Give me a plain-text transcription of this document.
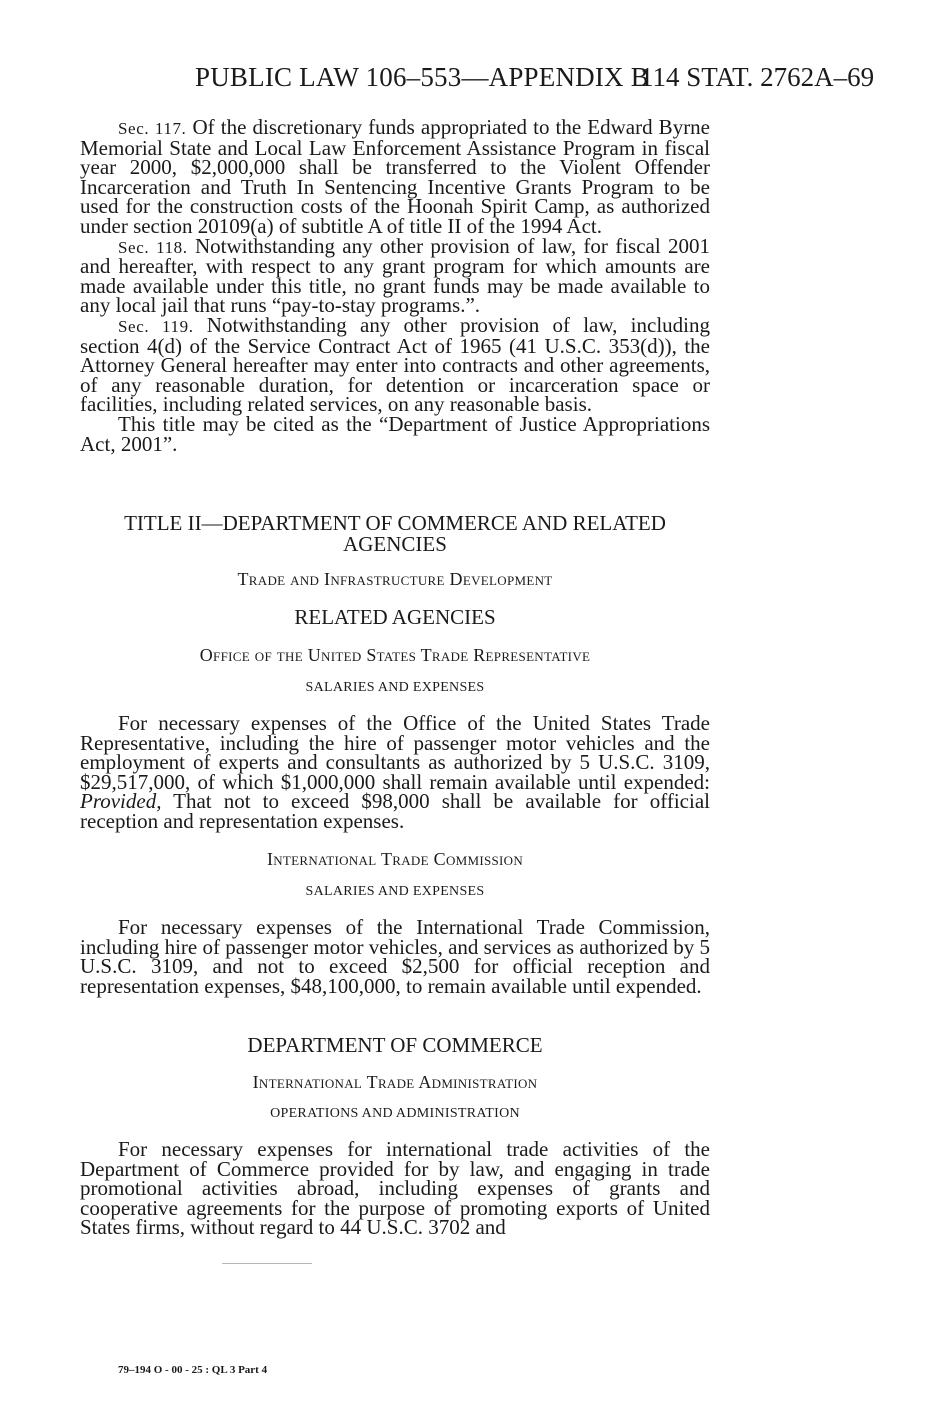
PUBLIC LAW 106–553—APPENDIX B
114 STAT. 2762A–69

Sec. 117. Of the discretionary funds appropriated to the Edward Byrne Memorial State and Local Law Enforcement Assistance Program in fiscal year 2000, $2,000,000 shall be transferred to the Violent Offender Incarceration and Truth In Sentencing Incentive Grants Program to be used for the construction costs of the Hoonah Spirit Camp, as authorized under section 20109(a) of subtitle A of title II of the 1994 Act.

Sec. 118. Notwithstanding any other provision of law, for fiscal 2001 and hereafter, with respect to any grant program for which amounts are made available under this title, no grant funds may be made available to any local jail that runs “pay-to-stay programs.”.

Sec. 119. Notwithstanding any other provision of law, including section 4(d) of the Service Contract Act of 1965 (41 U.S.C. 353(d)), the Attorney General hereafter may enter into contracts and other agreements, of any reasonable duration, for detention or incarceration space or facilities, including related services, on any reasonable basis.

This title may be cited as the “Department of Justice Appropriations Act, 2001”.

TITLE II—DEPARTMENT OF COMMERCE AND RELATED
AGENCIES
Trade and Infrastructure Development
RELATED AGENCIES
Office of the United States Trade Representative
SALARIES AND EXPENSES

For necessary expenses of the Office of the United States Trade Representative, including the hire of passenger motor vehicles and the employment of experts and consultants as authorized by 5 U.S.C. 3109, $29,517,000, of which $1,000,000 shall remain available until expended: Provided, That not to exceed $98,000 shall be available for official reception and representation expenses.

International Trade Commission
SALARIES AND EXPENSES

For necessary expenses of the International Trade Commission, including hire of passenger motor vehicles, and services as authorized by 5 U.S.C. 3109, and not to exceed $2,500 for official reception and representation expenses, $48,100,000, to remain available until expended.

DEPARTMENT OF COMMERCE
International Trade Administration
OPERATIONS AND ADMINISTRATION

For necessary expenses for international trade activities of the Department of Commerce provided for by law, and engaging in trade promotional activities abroad, including expenses of grants and cooperative agreements for the purpose of promoting exports of United States firms, without regard to 44 U.S.C. 3702 and

79–194 O - 00 - 25 : QL 3 Part 4
